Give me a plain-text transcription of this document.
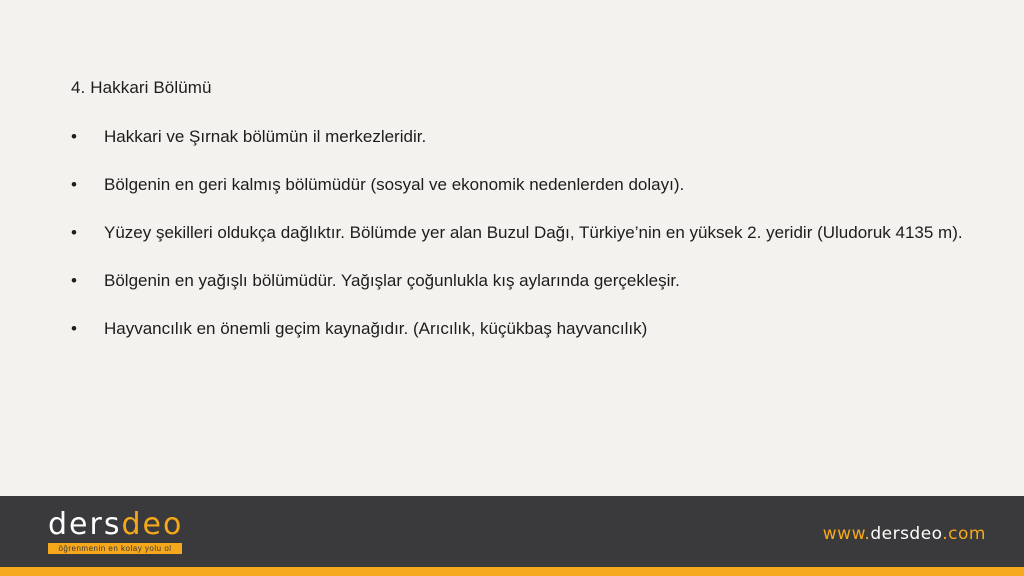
4. Hakkari Bölümü
•	Hakkari ve Şırnak bölümün il merkezleridir.
•	Bölgenin en geri kalmış bölümüdür (sosyal ve ekonomik nedenlerden dolayı).
•	Yüzey şekilleri oldukça dağlıktır. Bölümde yer alan Buzul Dağı, Türkiye’nin en yüksek 2. yeridir (Uludoruk 4135 m).
•	Bölgenin en yağışlı bölümüdür. Yağışlar çoğunlukla kış aylarında gerçekleşir.
•	Hayvancılık en önemli geçim kaynağıdır. (Arıcılık, küçükbaş hayvancılık)
dersdeo
öğrenmenin en kolay yolu ol
www.dersdeo.com
